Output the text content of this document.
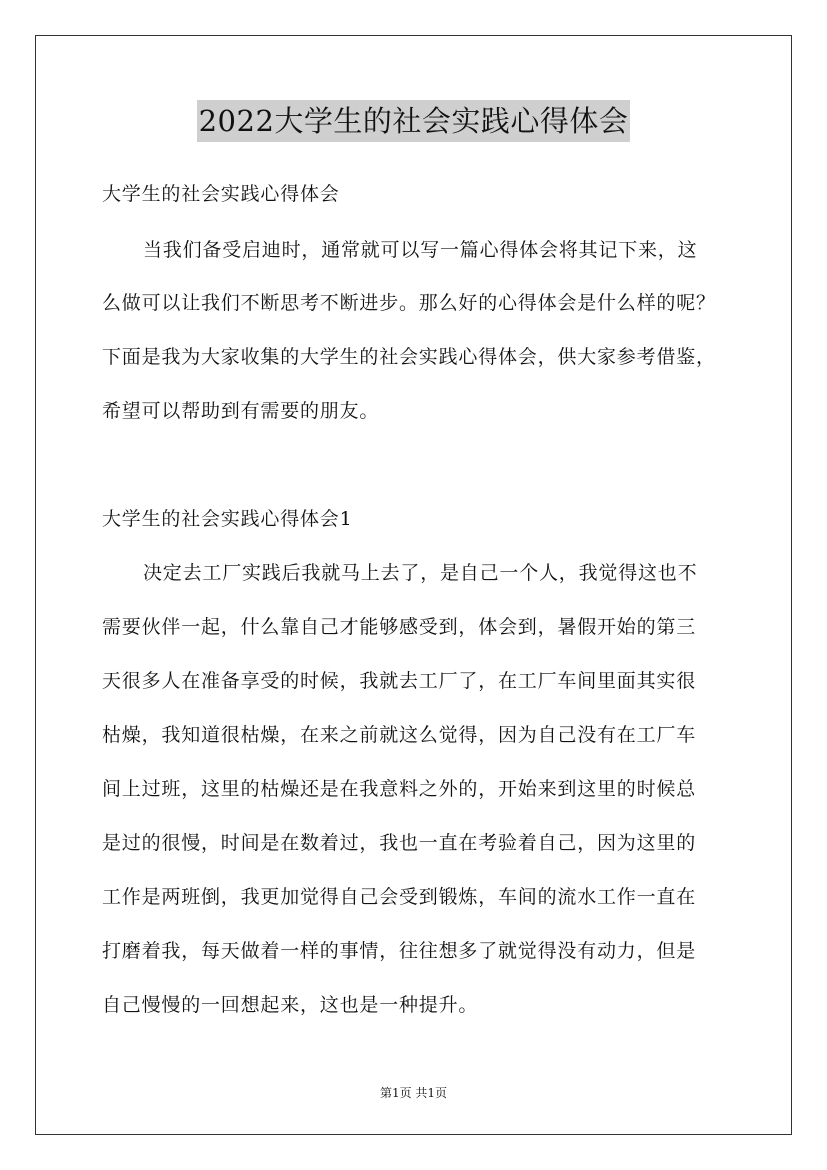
2022大学生的社会实践心得体会
大学生的社会实践心得体会
当我们备受启迪时，通常就可以写一篇心得体会将其记下来，这
么做可以让我们不断思考不断进步。那么好的心得体会是什么样的呢？
下面是我为大家收集的大学生的社会实践心得体会，供大家参考借鉴，
希望可以帮助到有需要的朋友。
大学生的社会实践心得体会1
决定去工厂实践后我就马上去了，是自己一个人，我觉得这也不
需要伙伴一起，什么靠自己才能够感受到，体会到，暑假开始的第三
天很多人在准备享受的时候，我就去工厂了，在工厂车间里面其实很
枯燥，我知道很枯燥，在来之前就这么觉得，因为自己没有在工厂车
间上过班，这里的枯燥还是在我意料之外的，开始来到这里的时候总
是过的很慢，时间是在数着过，我也一直在考验着自己，因为这里的
工作是两班倒，我更加觉得自己会受到锻炼，车间的流水工作一直在
打磨着我，每天做着一样的事情，往往想多了就觉得没有动力，但是
自己慢慢的一回想起来，这也是一种提升。
第1页 共1页
